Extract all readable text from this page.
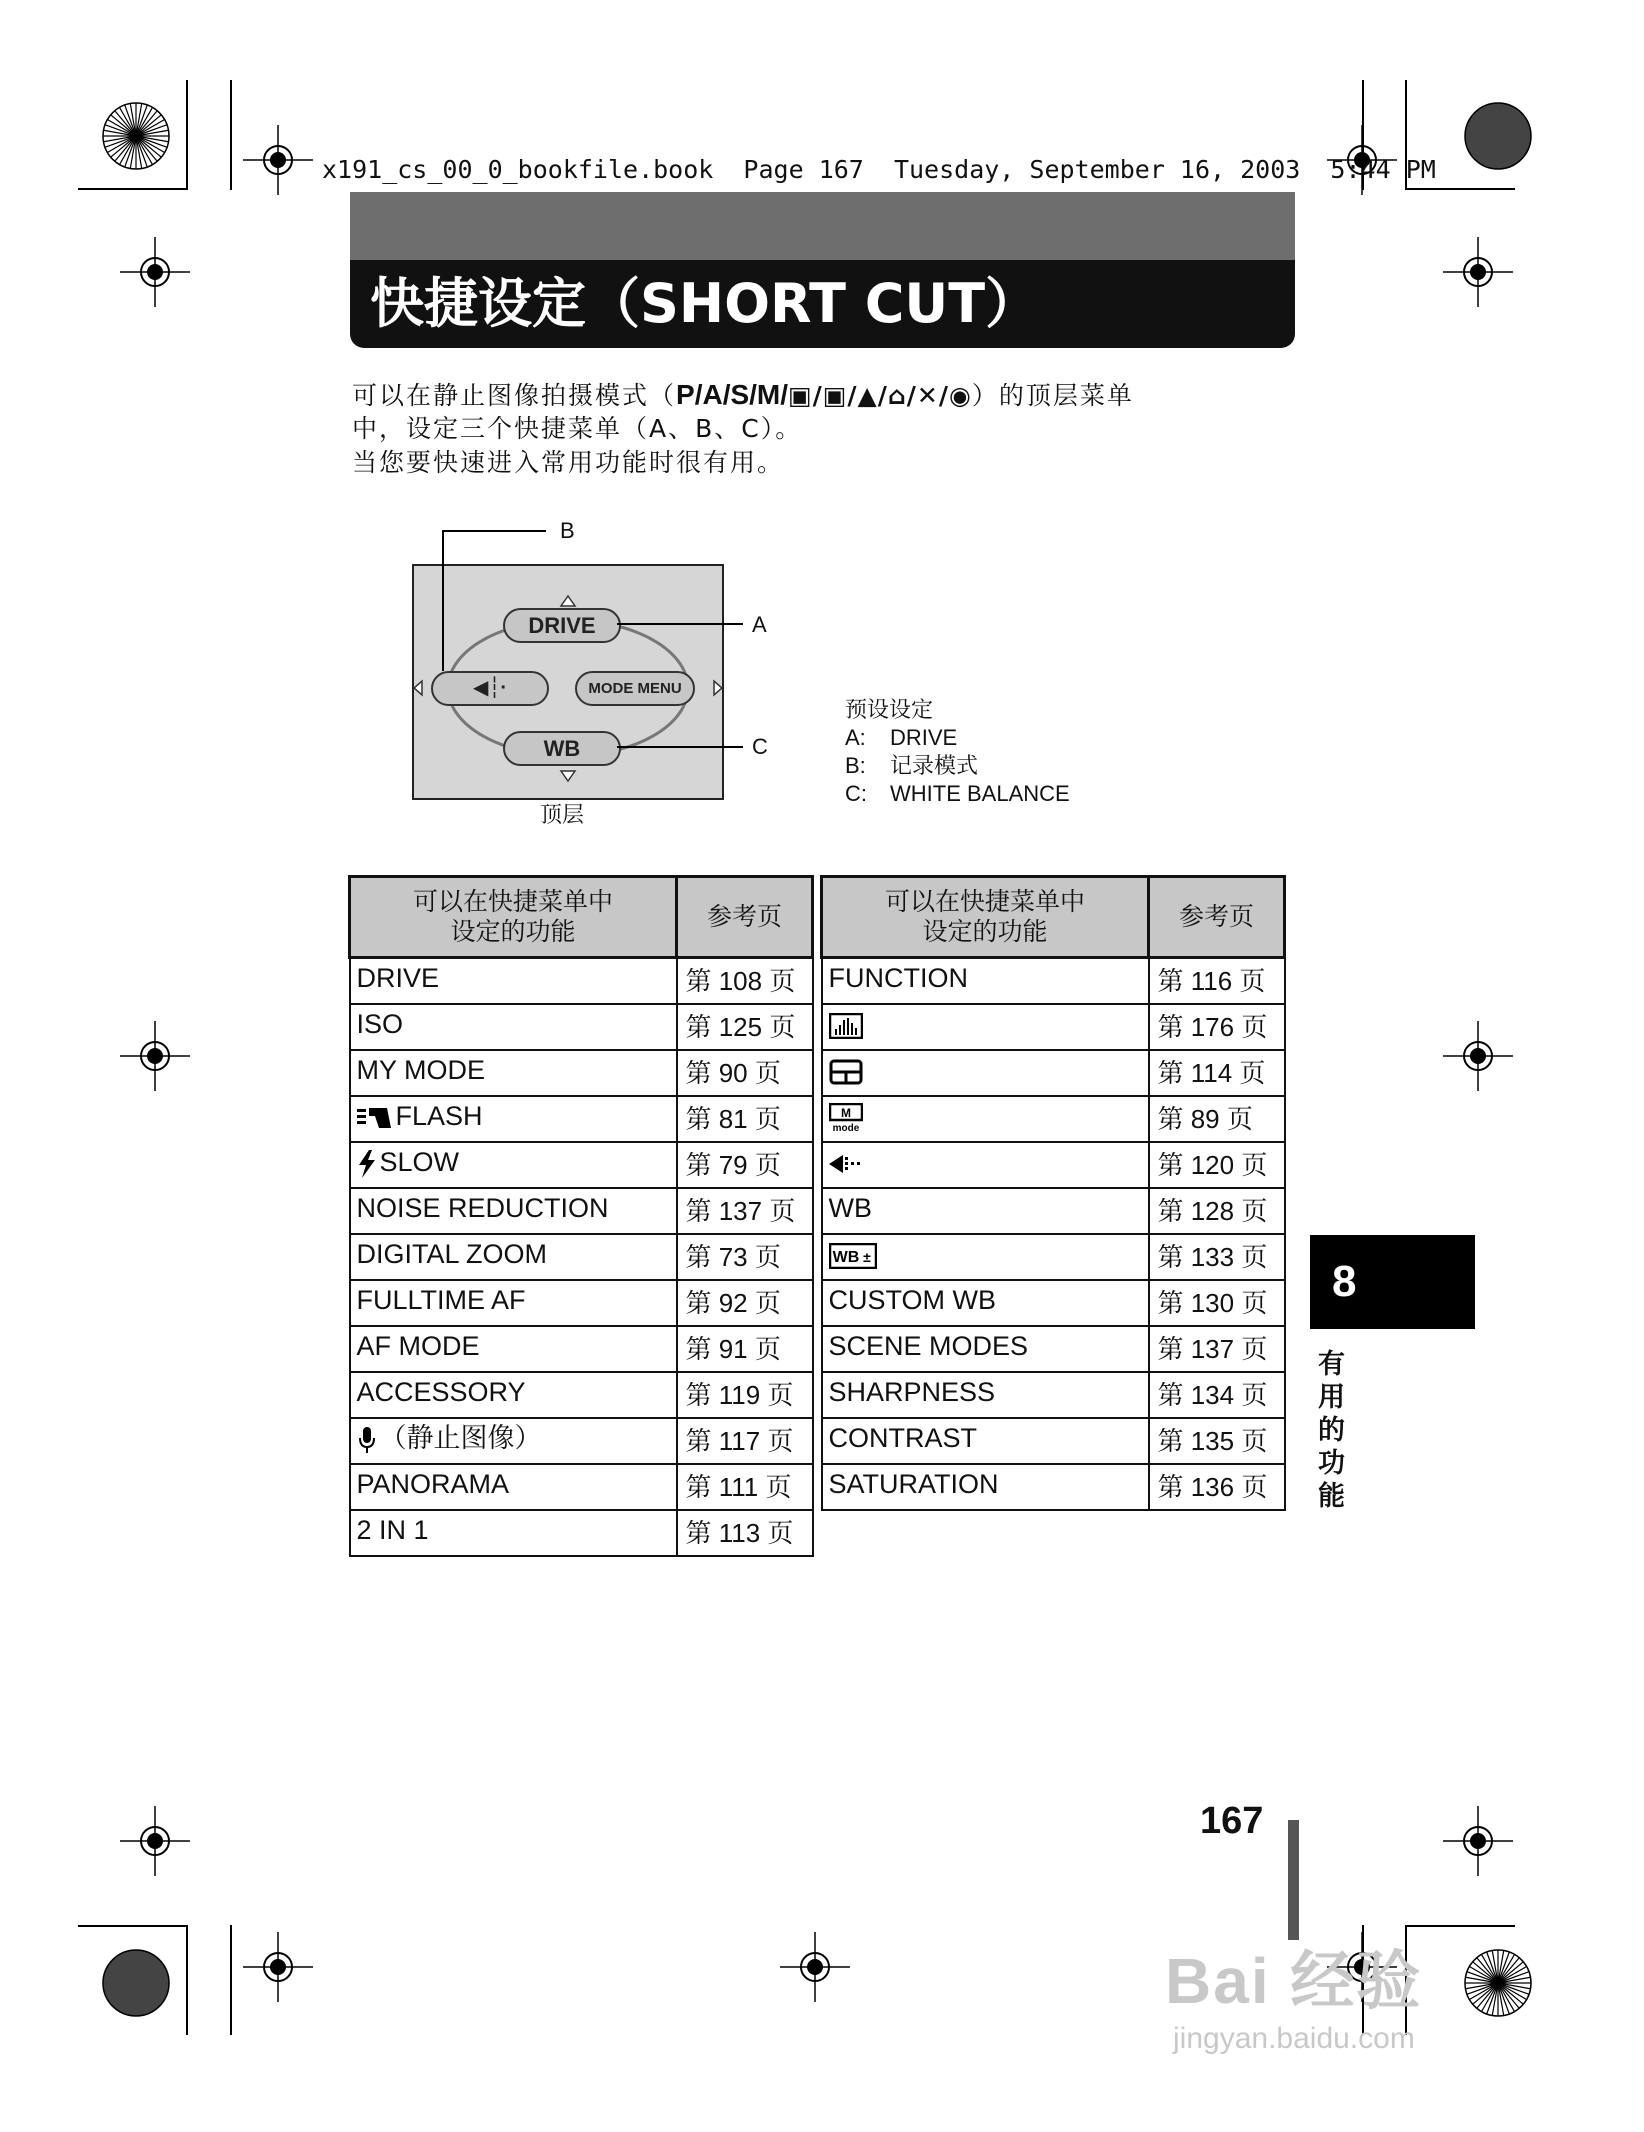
x191_cs_00_0_bookfile.book  Page 167  Tuesday, September 16, 2003  5:44 PM
快捷设定（SHORT CUT）
可以在静止图像拍摄模式（P/A/S/M/▣/▣/▲/⌂/✕/◉）的顶层菜单
中，设定三个快捷菜单（A、B、C）。
当您要快速进入常用功能时很有用。
DRIVE
◀┆·	MODE MENU
WB
B
A
C
顶层
预设设定
A: DRIVE
B: 记录模式
C: WHITE BALANCE
可以在快捷菜单中
设定的功能	参考页
DRIVE	第 108 页
ISO	第 125 页
MY MODE	第 90 页
FLASH	第 81 页
SLOW	第 79 页
NOISE REDUCTION	第 137 页
DIGITAL ZOOM	第 73 页
FULLTIME AF	第 92 页
AF MODE	第 91 页
ACCESSORY	第 119 页
（静止图像）	第 117 页
PANORAMA	第 111 页
2 IN 1	第 113 页
可以在快捷菜单中
设定的功能	参考页
FUNCTION	第 116 页
	第 176 页
	第 114 页

M
mode	第 89 页
	第 120 页
WB	第 128 页

WB ±	第 133 页
CUSTOM WB	第 130 页
SCENE MODES	第 137 页
SHARPNESS	第 134 页
CONTRAST	第 135 页
SATURATION	第 136 页
8
有用的功能
167
Bai 经验
jingyan.baidu.com
